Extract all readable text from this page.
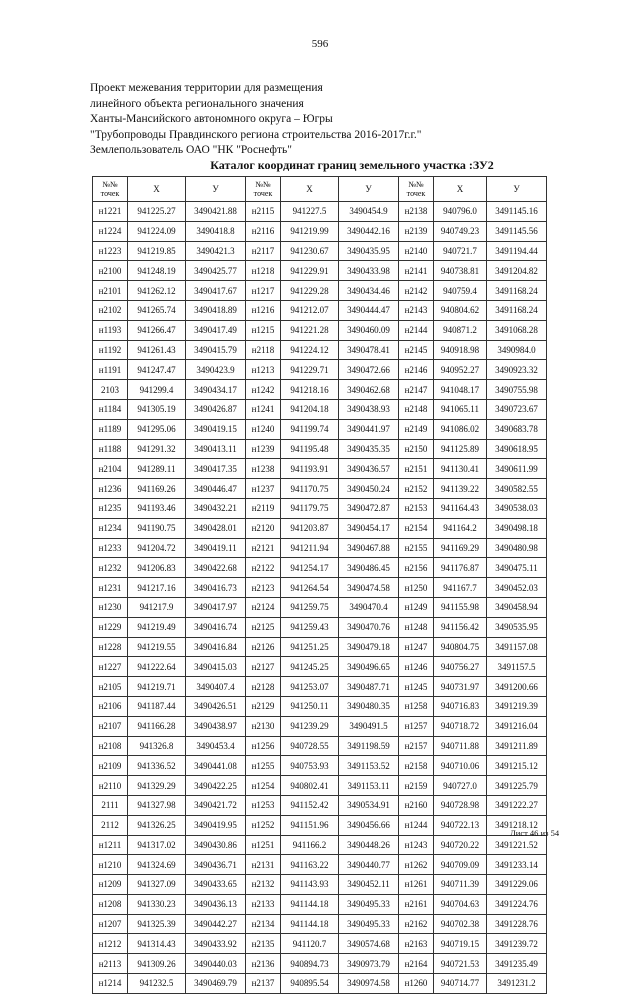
596
Проект межевания территории для размещения
линейного объекта регионального значения
Ханты-Мансийского автономного округа – Югры
"Трубопроводы Правдинского региона строительства 2016-2017г.г."
Землепользователь ОАО "НК "Роснефть"
Каталог координат границ земельного участка :ЗУ2
№№
точек	X	У	№№
точек	X	У	№№
точек	X	У
н1221	941225.27	3490421.88	н2115	941227.5	3490454.9	н2138	940796.0	3491145.16
н1224	941224.09	3490418.8	н2116	941219.99	3490442.16	н2139	940749.23	3491145.56
н1223	941219.85	3490421.3	н2117	941230.67	3490435.95	н2140	940721.7	3491194.44
н2100	941248.19	3490425.77	н1218	941229.91	3490433.98	н2141	940738.81	3491204.82
н2101	941262.12	3490417.67	н1217	941229.28	3490434.46	н2142	940759.4	3491168.24
н2102	941265.74	3490418.89	н1216	941212.07	3490444.47	н2143	940804.62	3491168.24
н1193	941266.47	3490417.49	н1215	941221.28	3490460.09	н2144	940871.2	3491068.28
н1192	941261.43	3490415.79	н2118	941224.12	3490478.41	н2145	940918.98	3490984.0
н1191	941247.47	3490423.9	н1213	941229.71	3490472.66	н2146	940952.27	3490923.32
2103	941299.4	3490434.17	н1242	941218.16	3490462.68	н2147	941048.17	3490755.98
н1184	941305.19	3490426.87	н1241	941204.18	3490438.93	н2148	941065.11	3490723.67
н1189	941295.06	3490419.15	н1240	941199.74	3490441.97	н2149	941086.02	3490683.78
н1188	941291.32	3490413.11	н1239	941195.48	3490435.35	н2150	941125.89	3490618.95
н2104	941289.11	3490417.35	н1238	941193.91	3490436.57	н2151	941130.41	3490611.99
н1236	941169.26	3490446.47	н1237	941170.75	3490450.24	н2152	941139.22	3490582.55
н1235	941193.46	3490432.21	н2119	941179.75	3490472.87	н2153	941164.43	3490538.03
н1234	941190.75	3490428.01	н2120	941203.87	3490454.17	н2154	941164.2	3490498.18
н1233	941204.72	3490419.11	н2121	941211.94	3490467.88	н2155	941169.29	3490480.98
н1232	941206.83	3490422.68	н2122	941254.17	3490486.45	н2156	941176.87	3490475.11
н1231	941217.16	3490416.73	н2123	941264.54	3490474.58	н1250	941167.7	3490452.03
н1230	941217.9	3490417.97	н2124	941259.75	3490470.4	н1249	941155.98	3490458.94
н1229	941219.49	3490416.74	н2125	941259.43	3490470.76	н1248	941156.42	3490535.95
н1228	941219.55	3490416.84	н2126	941251.25	3490479.18	н1247	940804.75	3491157.08
н1227	941222.64	3490415.03	н2127	941245.25	3490496.65	н1246	940756.27	3491157.5
н2105	941219.71	3490407.4	н2128	941253.07	3490487.71	н1245	940731.97	3491200.66
н2106	941187.44	3490426.51	н2129	941250.11	3490480.35	н1258	940716.83	3491219.39
н2107	941166.28	3490438.97	н2130	941239.29	3490491.5	н1257	940718.72	3491216.04
н2108	941326.8	3490453.4	н1256	940728.55	3491198.59	н2157	940711.88	3491211.89
н2109	941336.52	3490441.08	н1255	940753.93	3491153.52	н2158	940710.06	3491215.12
н2110	941329.29	3490422.25	н1254	940802.41	3491153.11	н2159	940727.0	3491225.79
2111	941327.98	3490421.72	н1253	941152.42	3490534.91	н2160	940728.98	3491222.27
2112	941326.25	3490419.95	н1252	941151.96	3490456.66	н1244	940722.13	3491218.12
н1211	941317.02	3490430.86	н1251	941166.2	3490448.26	н1243	940720.22	3491221.52
н1210	941324.69	3490436.71	н2131	941163.22	3490440.77	н1262	940709.09	3491233.14
н1209	941327.09	3490433.65	н2132	941143.93	3490452.11	н1261	940711.39	3491229.06
н1208	941330.23	3490436.13	н2133	941144.18	3490495.33	н2161	940704.63	3491224.76
н1207	941325.39	3490442.27	н2134	941144.18	3490495.33	н2162	940702.38	3491228.76
н1212	941314.43	3490433.92	н2135	941120.7	3490574.68	н2163	940719.15	3491239.72
н2113	941309.26	3490440.03	н2136	940894.73	3490973.79	н2164	940721.53	3491235.49
н1214	941232.5	3490469.79	н2137	940895.54	3490974.58	н1260	940714.77	3491231.2
Лист 46 из 54
